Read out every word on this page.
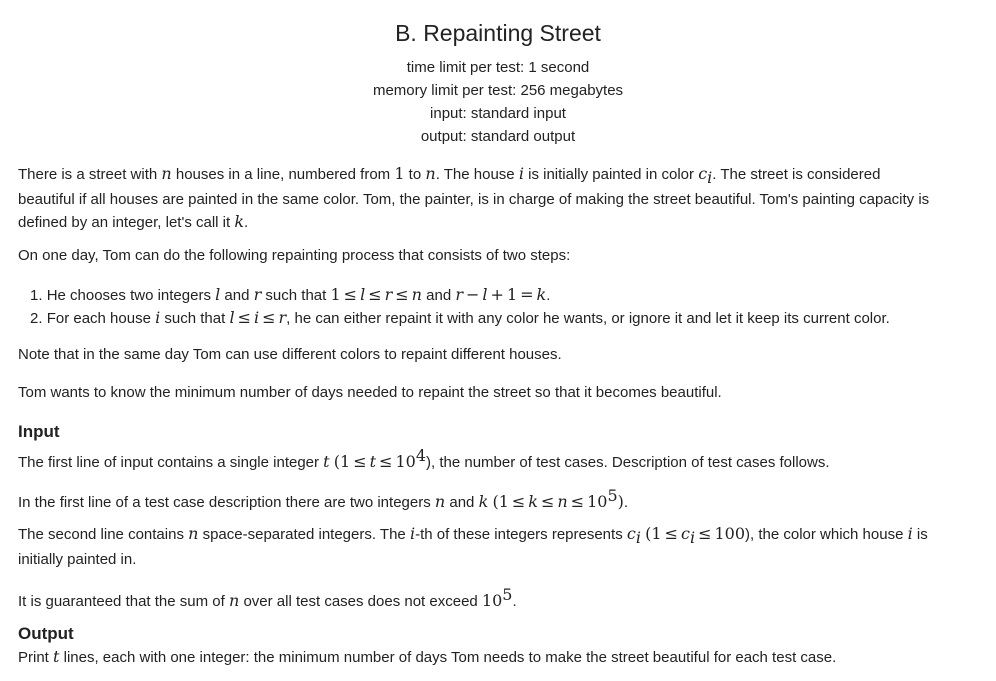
B. Repainting Street
time limit per test: 1 second
memory limit per test: 256 megabytes
input: standard input
output: standard output
There is a street with n houses in a line, numbered from 1 to n. The house i is initially painted in color $c_i$. The street is considered
beautiful if all houses are painted in the same color. Tom, the painter, is in charge of making the street beautiful. Tom's painting capacity is
defined by an integer, let's call it k.
On one day, Tom can do the following repainting process that consists of two steps:
1. He chooses two integers l and r such that 1 ≤ l ≤ r ≤ n and r − l + 1 = k.
2. For each house i such that l ≤ i ≤ r, he can either repaint it with any color he wants, or ignore it and let it keep its current color.
Note that in the same day Tom can use different colors to repaint different houses.
Tom wants to know the minimum number of days needed to repaint the street so that it becomes beautiful.
Input
The first line of input contains a single integer t $(1 \le t \le 10^4)$, the number of test cases. Description of test cases follows.
In the first line of a test case description there are two integers n and k $(1 \le k \le n \le 10^5)$.
The second line contains n space-separated integers. The i-th of these integers represents $c_i$ $(1 \le c_i \le 100)$, the color which house i is
initially painted in.
It is guaranteed that the sum of n over all test cases does not exceed $10^5$.
Output
Print t lines, each with one integer: the minimum number of days Tom needs to make the street beautiful for each test case.
